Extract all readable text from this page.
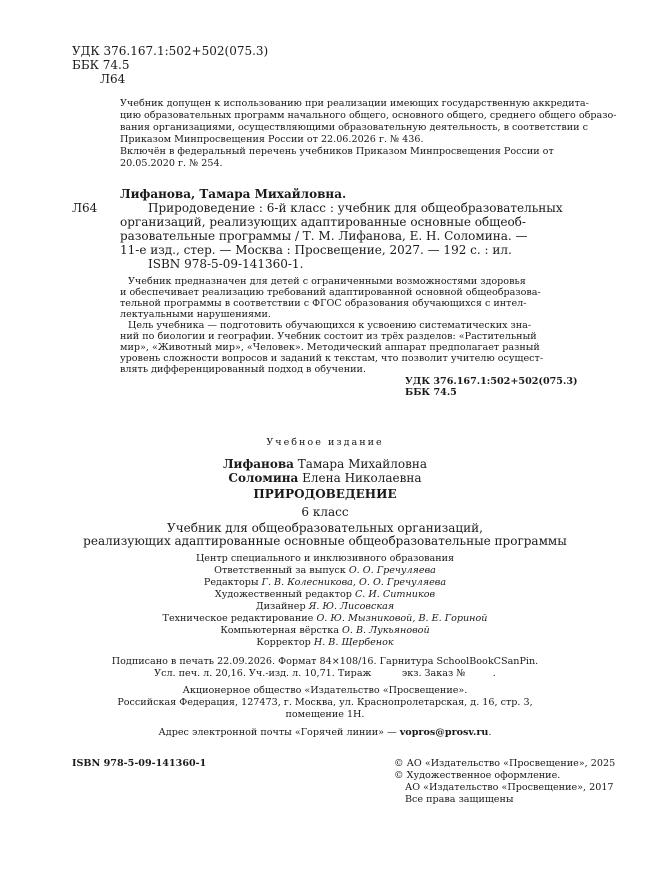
УДК 376.167.1:502+502(075.3)
ББК 74.5
Л64
Учебник допущен к использованию при реализации имеющих государственную аккредита-
цию образовательных программ начального общего, основного общего, среднего общего образо-
вания организациями, осуществляющими образовательную деятельность, в соответствии с
Приказом Минпросвещения России от 22.06.2026 г. № 436.
Включён в федеральный перечень учебников Приказом Минпросвещения России от
20.05.2020 г. № 254.
Лифанова, Тамара Михайловна.
Л64	Природоведение : 6-й класс : учебник для общеобразовательных
организаций, реализующих адаптированные основные общеоб-
разовательные программы / Т. М. Лифанова, Е. Н. Соломина. —
11-е изд., стер. — Москва : Просвещение, 2027. — 192 с. : ил.
ISBN 978-5-09-141360-1.
Учебник предназначен для детей с ограниченными возможностями здоровья
и обеспечивает реализацию требований адаптированной основной общеобразова-
тельной программы в соответствии с ФГОС образования обучающихся с интел-
лектуальными нарушениями.
Цель учебника — подготовить обучающихся к усвоению систематических зна-
ний по биологии и географии. Учебник состоит из трёх разделов: «Растительный
мир», «Животный мир», «Человек». Методический аппарат предполагает разный
уровень сложности вопросов и заданий к текстам, что позволит учителю осущест-
влять дифференцированный подход в обучении.
УДК 376.167.1:502+502(075.3)
ББК 74.5
Учебное издание
Лифанова Тамара Михайловна
Соломина Елена Николаевна
ПРИРОДОВЕДЕНИЕ
6 класс
Учебник для общеобразовательных организаций,
реализующих адаптированные основные общеобразовательные программы
Центр специального и инклюзивного образования
Ответственный за выпуск О. О. Гречуляева
Редакторы Г. В. Колесникова, О. О. Гречуляева
Художественный редактор С. И. Ситников
Дизайнер Я. Ю. Лисовская
Техническое редактирование О. Ю. Мызниковой, В. Е. Гориной
Компьютерная вёрстка О. В. Лукьяновой
Корректор Н. В. Щербенок
Подписано в печать 22.09.2026. Формат 84×108/16. Гарнитура SchoolBookCSanPin.
Усл. печ. л. 20,16. Уч.-изд. л. 10,71. Тираж          экз. Заказ №         .
Акционерное общество «Издательство «Просвещение».
Российская Федерация, 127473, г. Москва, ул. Краснопролетарская, д. 16, стр. 3,
помещение 1Н.
Адрес электронной почты «Горячей линии» — vopros@prosv.ru.
ISBN 978-5-09-141360-1	© АО «Издательство «Просвещение», 2025
© Художественное оформление.
АО «Издательство «Просвещение», 2017
Все права защищены
